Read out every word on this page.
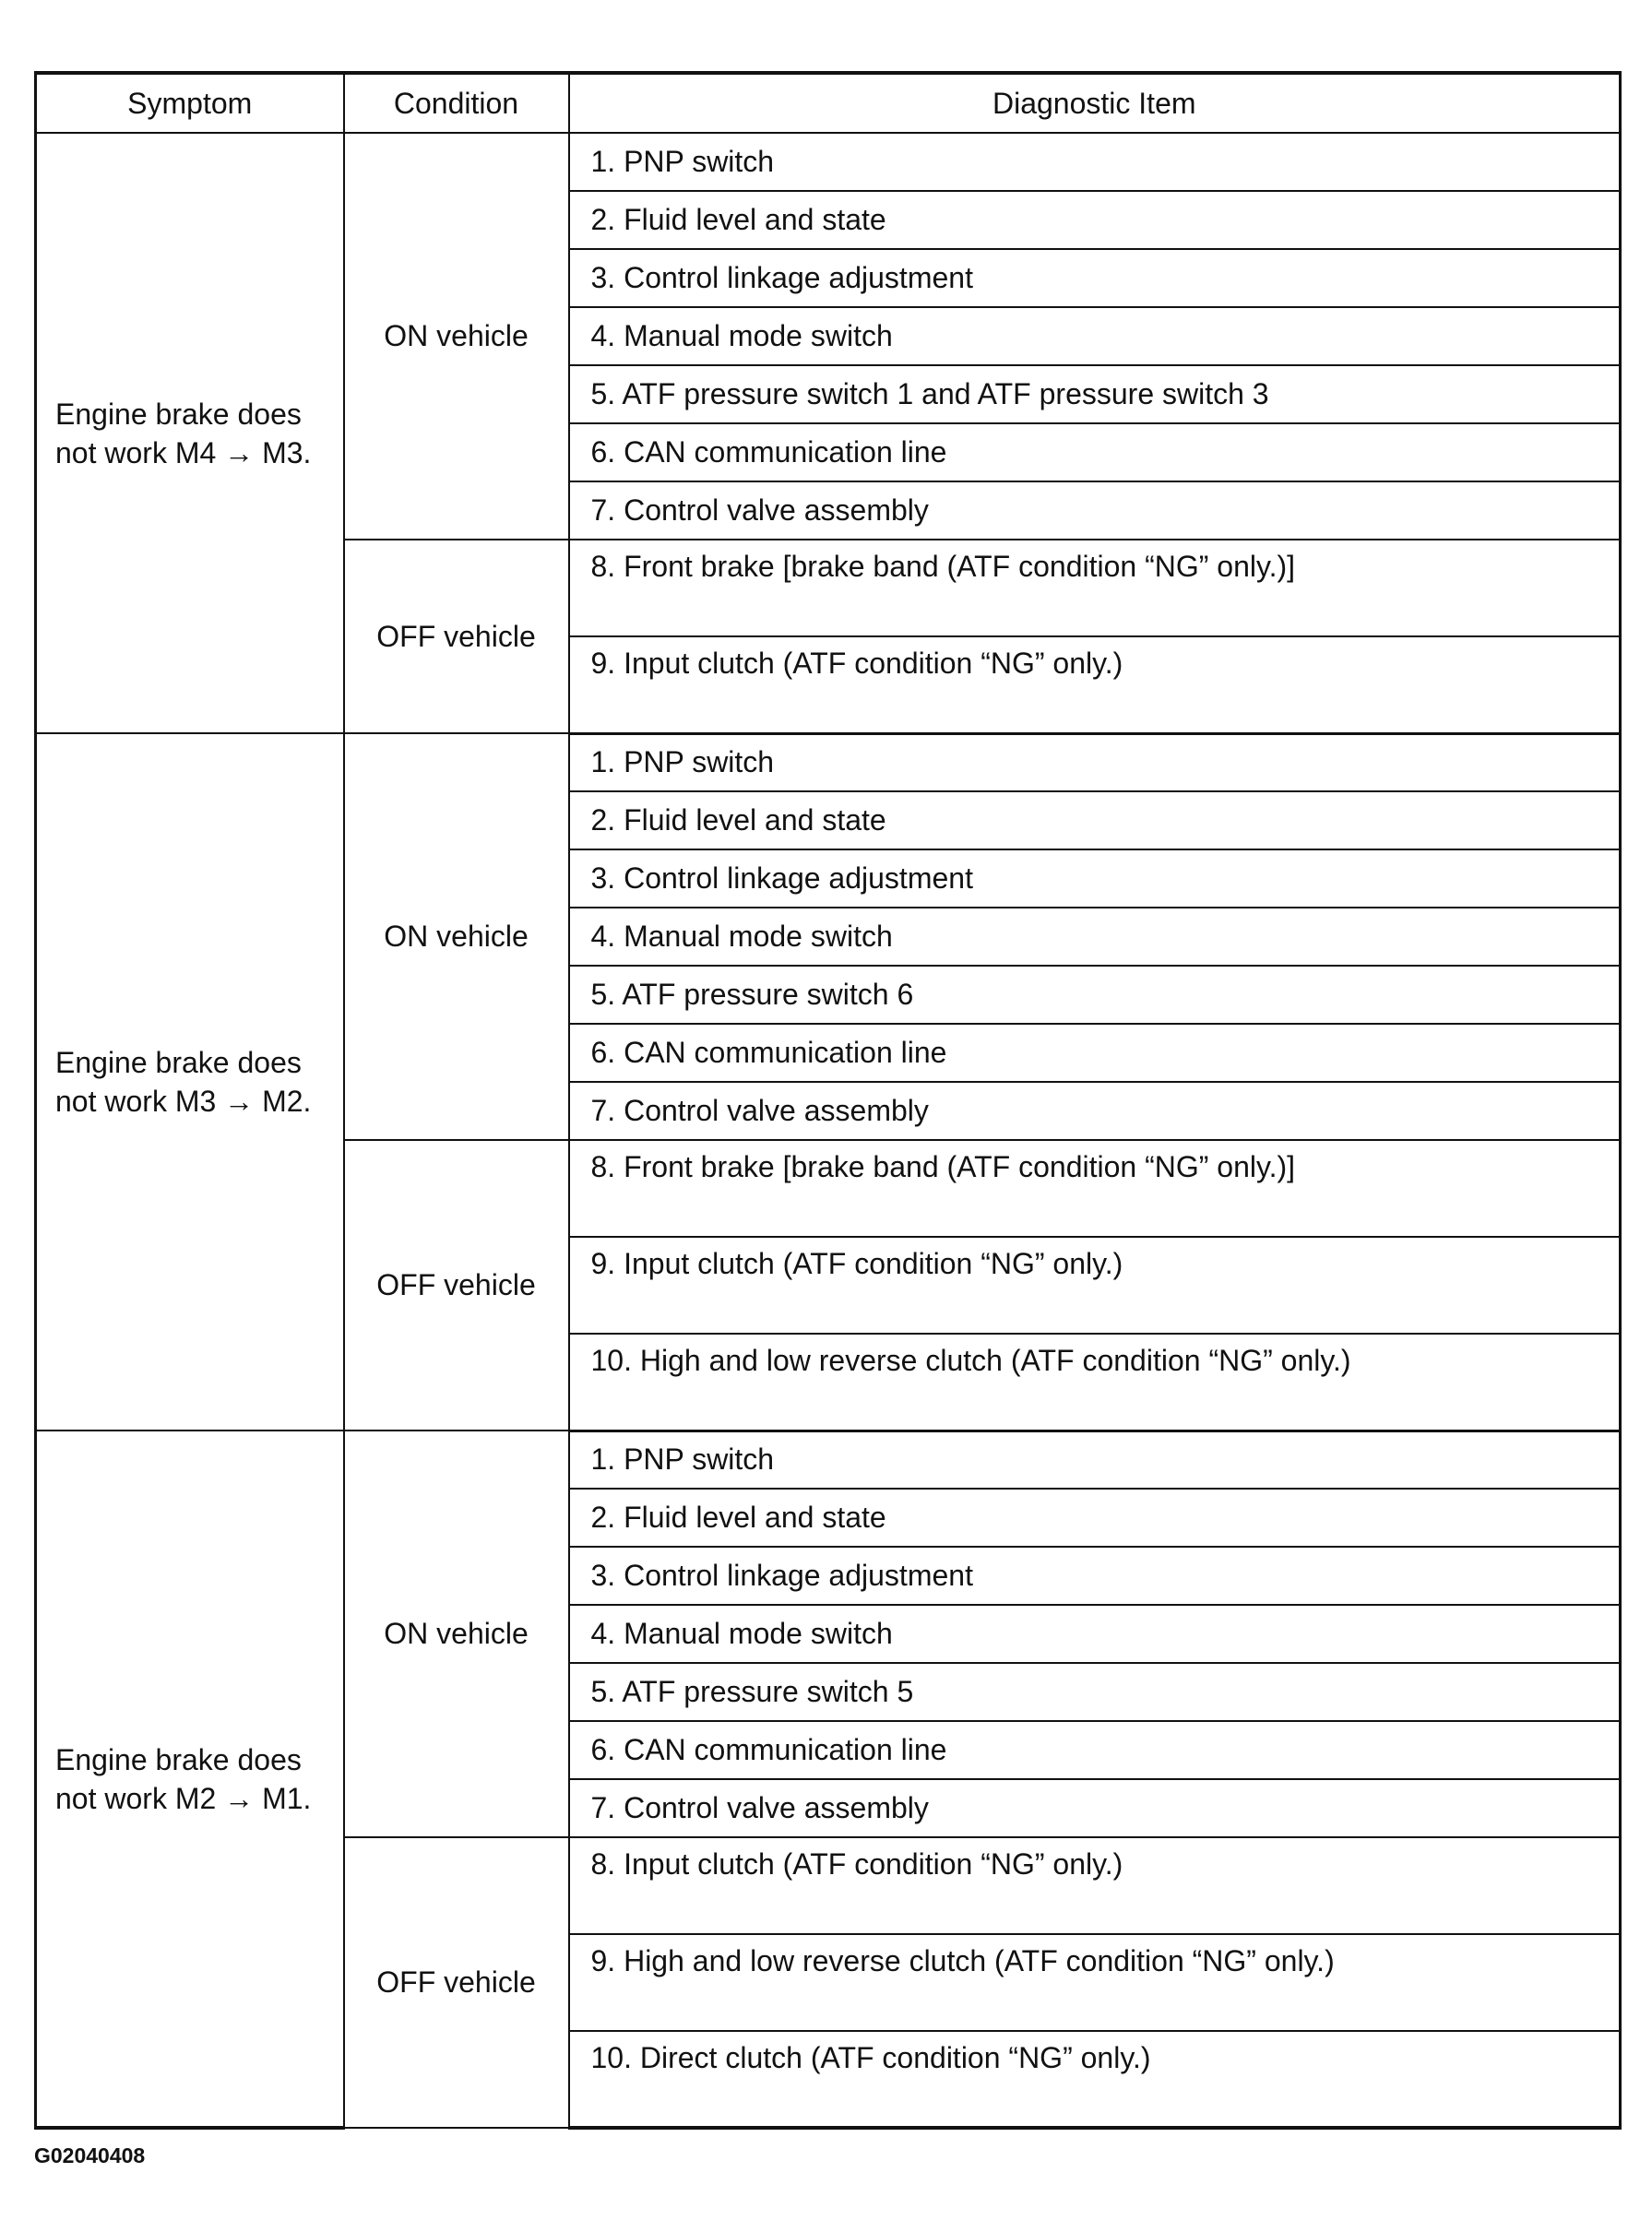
Symptom	Condition	Diagnostic Item

Engine brake does
not work M4 → M3.	ON vehicle	1. PNP switch
		2. Fluid level and state
		3. Control linkage adjustment
		4. Manual mode switch
		5. ATF pressure switch 1 and ATF pressure switch 3
		6. CAN communication line
		7. Control valve assembly
	OFF vehicle	8. Front brake [brake band (ATF condition “NG” only.)]
		9. Input clutch (ATF condition “NG” only.)

Engine brake does
not work M3 → M2.	ON vehicle	1. PNP switch
		2. Fluid level and state
		3. Control linkage adjustment
		4. Manual mode switch
		5. ATF pressure switch 6
		6. CAN communication line
		7. Control valve assembly
	OFF vehicle	8. Front brake [brake band (ATF condition “NG” only.)]
		9. Input clutch (ATF condition “NG” only.)
		10. High and low reverse clutch (ATF condition “NG” only.)

Engine brake does
not work M2 → M1.	ON vehicle	1. PNP switch
		2. Fluid level and state
		3. Control linkage adjustment
		4. Manual mode switch
		5. ATF pressure switch 5
		6. CAN communication line
		7. Control valve assembly
	OFF vehicle	8. Input clutch (ATF condition “NG” only.)
		9. High and low reverse clutch (ATF condition “NG” only.)
		10. Direct clutch (ATF condition “NG” only.)
G02040408
